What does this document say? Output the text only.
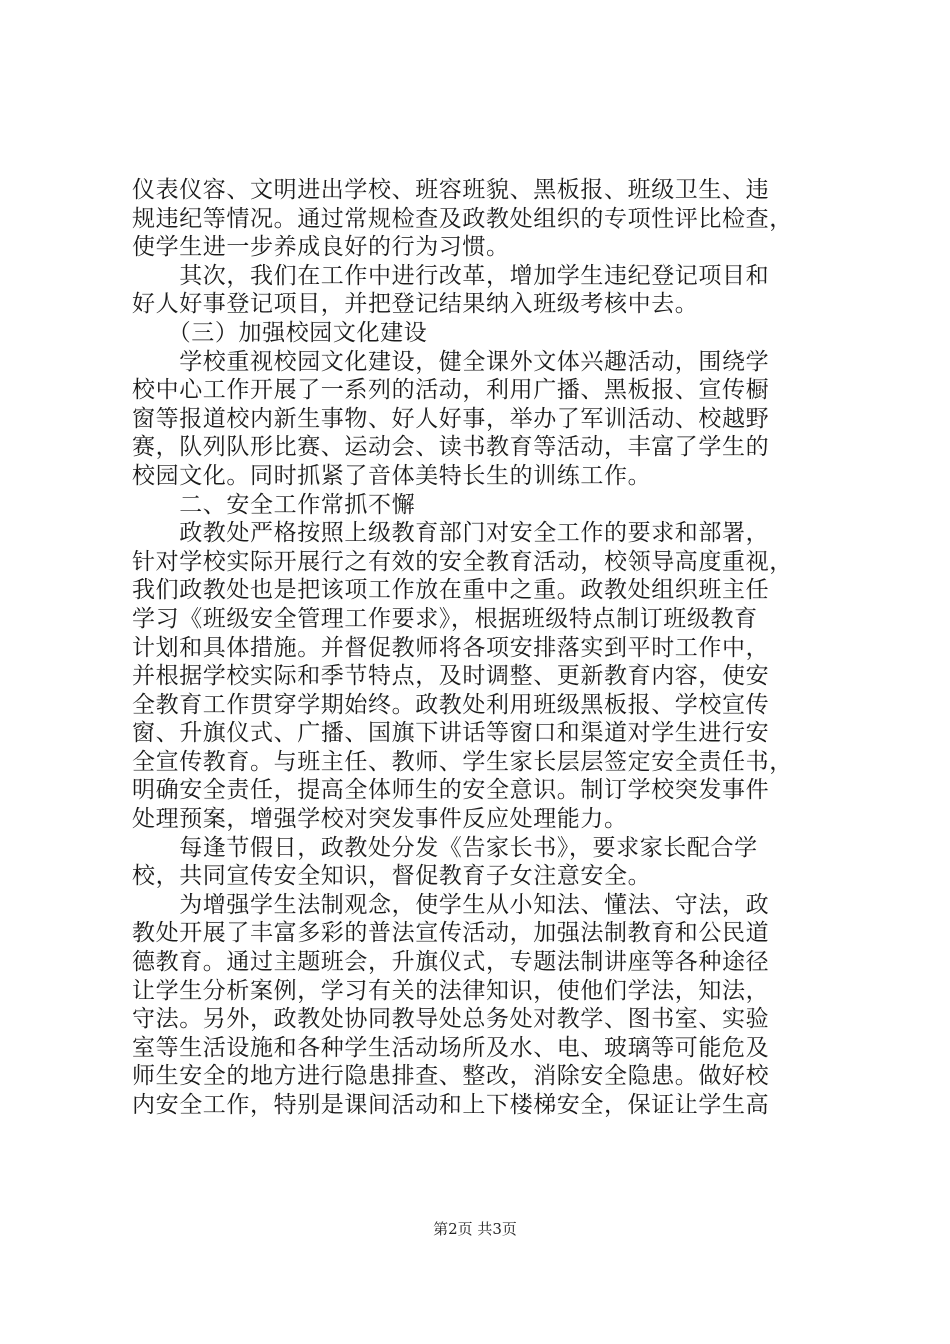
仪表仪容、文明进出学校、班容班貌、黑板报、班级卫生、违
规违纪等情况。通过常规检查及政教处组织的专项性评比检查，
使学生进一步养成良好的行为习惯。
　　其次，我们在工作中进行改革，增加学生违纪登记项目和
好人好事登记项目，并把登记结果纳入班级考核中去。
　　（三）加强校园文化建设
　　学校重视校园文化建设，健全课外文体兴趣活动，围绕学
校中心工作开展了一系列的活动，利用广播、黑板报、宣传橱
窗等报道校内新生事物、好人好事，举办了军训活动、校越野
赛，队列队形比赛、运动会、读书教育等活动，丰富了学生的
校园文化。同时抓紧了音体美特长生的训练工作。
　　二、安全工作常抓不懈
　　政教处严格按照上级教育部门对安全工作的要求和部署，
针对学校实际开展行之有效的安全教育活动，校领导高度重视，
我们政教处也是把该项工作放在重中之重。政教处组织班主任
学习《班级安全管理工作要求》，根据班级特点制订班级教育
计划和具体措施。并督促教师将各项安排落实到平时工作中，
并根据学校实际和季节特点，及时调整、更新教育内容，使安
全教育工作贯穿学期始终。政教处利用班级黑板报、学校宣传
窗、升旗仪式、广播、国旗下讲话等窗口和渠道对学生进行安
全宣传教育。与班主任、教师、学生家长层层签定安全责任书，
明确安全责任，提高全体师生的安全意识。制订学校突发事件
处理预案，增强学校对突发事件反应处理能力。
　　每逢节假日，政教处分发《告家长书》，要求家长配合学
校，共同宣传安全知识，督促教育子女注意安全。
　　为增强学生法制观念，使学生从小知法、懂法、守法，政
教处开展了丰富多彩的普法宣传活动，加强法制教育和公民道
德教育。通过主题班会，升旗仪式，专题法制讲座等各种途径
让学生分析案例，学习有关的法律知识，使他们学法，知法，
守法。另外，政教处协同教导处总务处对教学、图书室、实验
室等生活设施和各种学生活动场所及水、电、玻璃等可能危及
师生安全的地方进行隐患排查、整改，消除安全隐患。做好校
内安全工作，特别是课间活动和上下楼梯安全，保证让学生高
第2页 共3页
